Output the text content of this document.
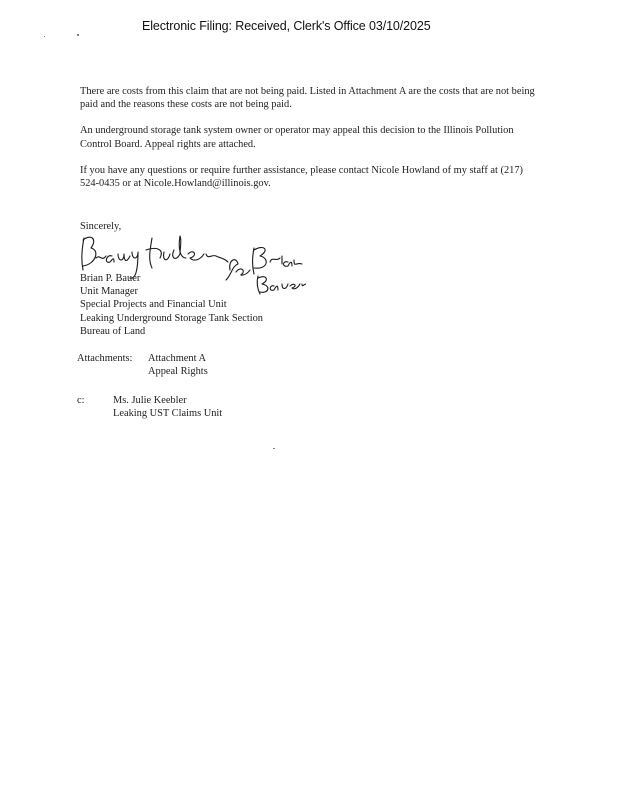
Electronic Filing: Received, Clerk's Office 03/10/2025

There are costs from this claim that are not being paid. Listed in Attachment A are the costs that are not being paid and the reasons these costs are not being paid.

An underground storage tank system owner or operator may appeal this decision to the Illinois Pollution Control Board. Appeal rights are attached.

If you have any questions or require further assistance, please contact Nicole Howland of my staff at (217) 524-0435 or at Nicole.Howland@illinois.gov.

Sincerely,
Brian P. Bauer
Unit Manager
Special Projects and Financial Unit
Leaking Underground Storage Tank Section
Bureau of Land
Attachments:	Attachment A
Appeal Rights
c:	Ms. Julie Keebler
Leaking UST Claims Unit
